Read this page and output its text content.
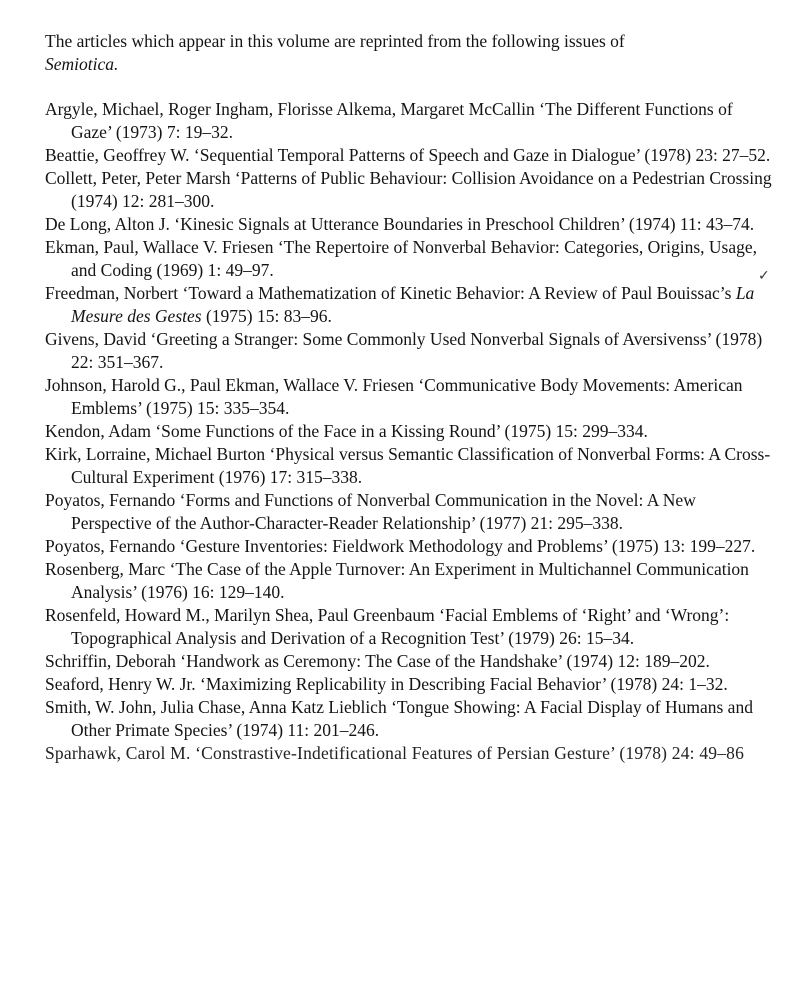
The articles which appear in this volume are reprinted from the following issues of
Semiotica.

Argyle, Michael, Roger Ingham, Florisse Alkema, Margaret McCallin ‘The Different Functions of Gaze’ (1973) 7: 19–32.
Beattie, Geoffrey W. ‘Sequential Temporal Patterns of Speech and Gaze in Dialogue’ (1978) 23: 27–52.
Collett, Peter, Peter Marsh ‘Patterns of Public Behaviour: Collision Avoidance on a Pedestrian Crossing (1974) 12: 281–300.
De Long, Alton J. ‘Kinesic Signals at Utterance Boundaries in Preschool Children’ (1974) 11: 43–74.
Ekman, Paul, Wallace V. Friesen ‘The Repertoire of Nonverbal Behavior: Categories, Origins, Usage, and Coding (1969) 1: 49–97.
Freedman, Norbert ‘Toward a Mathematization of Kinetic Behavior: A Review of Paul Bouissac’s La Mesure des Gestes (1975) 15: 83–96.
Givens, David ‘Greeting a Stranger: Some Commonly Used Nonverbal Signals of Aversivenss’ (1978) 22: 351–367.
Johnson, Harold G., Paul Ekman, Wallace V. Friesen ‘Communicative Body Movements: American Emblems’ (1975) 15: 335–354.
Kendon, Adam ‘Some Functions of the Face in a Kissing Round’ (1975) 15: 299–334.
Kirk, Lorraine, Michael Burton ‘Physical versus Semantic Classification of Nonverbal Forms: A Cross-Cultural Experiment (1976) 17: 315–338.
Poyatos, Fernando ‘Forms and Functions of Nonverbal Communication in the Novel: A New Perspective of the Author-Character-Reader Relationship’ (1977) 21: 295–338.
Poyatos, Fernando ‘Gesture Inventories: Fieldwork Methodology and Problems’ (1975) 13: 199–227.
Rosenberg, Marc ‘The Case of the Apple Turnover: An Experiment in Multichannel Communication Analysis’ (1976) 16: 129–140.
Rosenfeld, Howard M., Marilyn Shea, Paul Greenbaum ‘Facial Emblems of ‘Right’ and ‘Wrong’: Topographical Analysis and Derivation of a Recognition Test’ (1979) 26: 15–34.
Schriffin, Deborah ‘Handwork as Ceremony: The Case of the Handshake’ (1974) 12: 189–202.
Seaford, Henry W. Jr. ‘Maximizing Replicability in Describing Facial Behavior’ (1978) 24: 1–32.
Smith, W. John, Julia Chase, Anna Katz Lieblich ‘Tongue Showing: A Facial Display of Humans and Other Primate Species’ (1974) 11: 201–246.
Sparhawk, Carol M. ‘Constrastive-Indetificational Features of Persian Gesture’ (1978) 24: 49–86
✓
